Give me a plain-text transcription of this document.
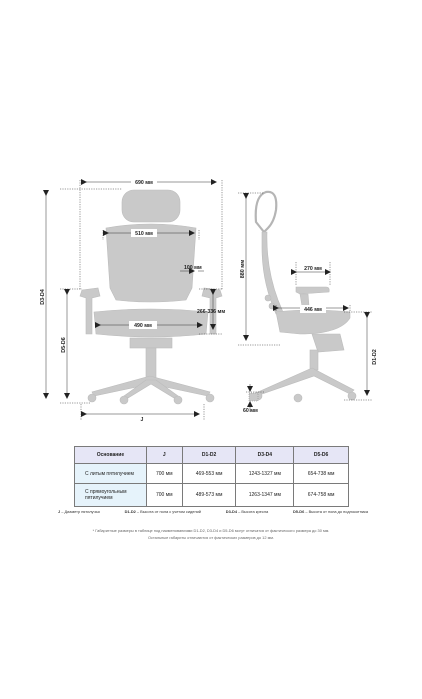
690 мм
510 мм
100 мм
266-336 мм
490 мм
D3-D4
D5-D6
J
880 мм	270 мм
446 мм
D1-D2
60 мм
Основание	J	D1-D2	D3-D4	D5-D6
С литым пятилучием	700 мм	469-553 мм	1243-1327 мм	654-738 мм
С прямоугольным
пятилучием	700 мм	489-573 мм	1263-1347 мм	674-758 мм
J – Диаметр пятилучья	D1-D2 – Высота от пола с учетом сидений	D3-D4 – Высота кресла	D5-D6 – Высота от пола до подлокотника
* Габаритные размеры в таблице под наименованиями D1-D2, D3-D4 и D5-D6 могут отличатся от фактического размера до 30 мм.
Остальные габариты отличаются от фактических размеров до 12 мм.
